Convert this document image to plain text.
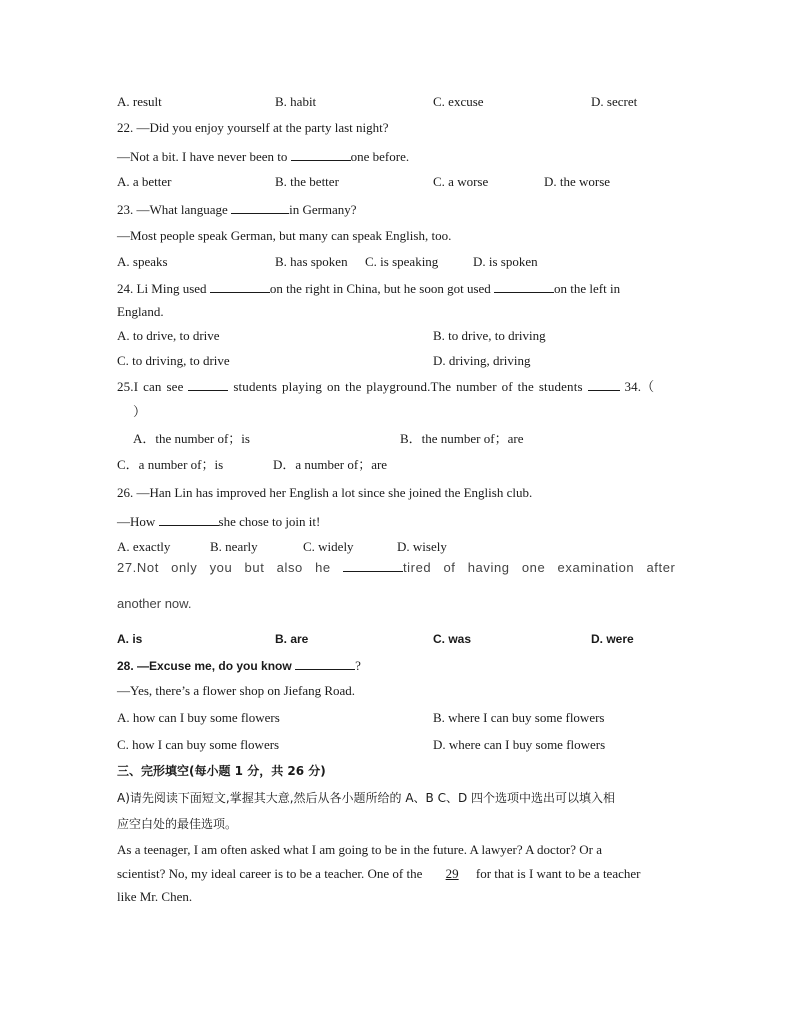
A. result	B. habit	C. excuse	D. secret
22. —Did you enjoy yourself at the party last night?
—Not a bit. I have never been to	one before.
A. a better	B. the better	C. a worse	D. the worse
23. —What language	in Germany?
—Most people speak German, but many can speak English, too.
A. speaks	B. has spoken C. is speaking	D. is spoken
24. Li Ming used	on the right in China, but he soon got used	on the left in
England.
A. to drive, to drive	B. to drive, to driving
C. to driving, to drive	D. driving, driving
25.I can see	students playing on the playground.The number of the students  34.（
）
A．the number of；is	B．the number of；are
C．a number of；is	D．a number of；are
26. —Han Lin has improved her English a lot since she joined the English club.
—How	she chose to join it!
A. exactly	B. nearly	C. widely	D. wisely
27.Not only you but also he	tired of having one examination after
another now.
A. is	B. are	C. was	D. were
28. —Excuse me, do you know	?
—Yes, there’s a flower shop on Jiefang Road.
A. how can I buy some flowers	B. where I can buy some flowers
C. how I can buy some flowers	D. where can I buy some flowers
三、完形填空(每小题 1 分，共 26 分)
A)请先阅读下面短文,掌握其大意,然后从各小题所给的 A、B C、D 四个选项中选出可以填入相
应空白处的最佳选项。
As a teenager, I am often asked what I am going to be in the future. A lawyer? A doctor? Or a
scientist? No, my ideal career is to be a teacher. One of the 29 for that is I want to be a teacher
like Mr. Chen.
